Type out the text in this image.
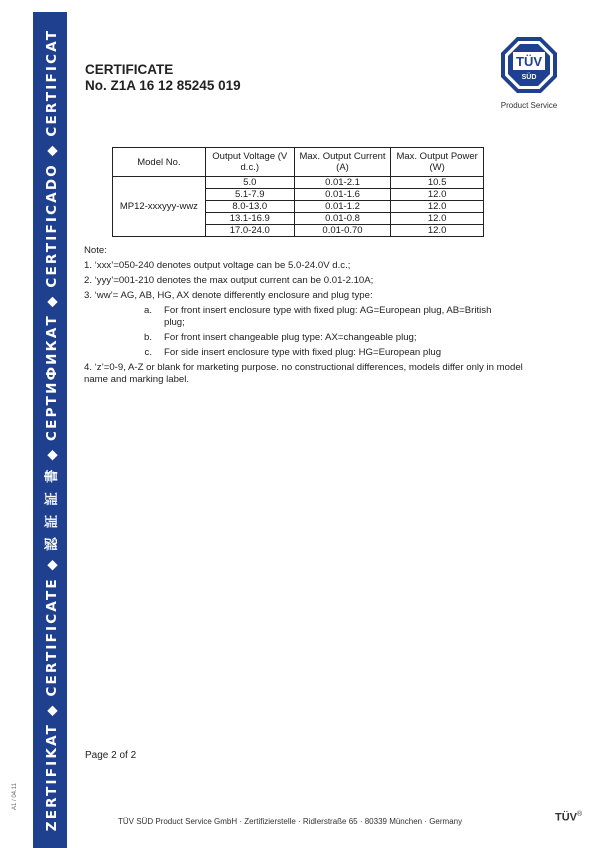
ZERTIFIKAT ◆ CERTIFICATE ◆ 認 証 証 書 ◆ СЕРТИФИКАТ ◆ CERTIFICADO ◆ CERTIFICAT
A1 / 04.11
CERTIFICATE
No. Z1A 16 12 85245 019
TÜV
SÜD
Product Service
Model No.	Output Voltage (V d.c.)	Max. Output Current (A)	Max. Output Power (W)
MP12-xxxyyy-wwz	5.0	0.01-2.1	10.5
	5.1-7.9	0.01-1.6	12.0
	8.0-13.0	0.01-1.2	12.0
	13.1-16.9	0.01-0.8	12.0
	17.0-24.0	0.01-0.70	12.0

Note:

1. ‘xxx’=050-240 denotes output voltage can be 5.0-24.0V d.c.;

2. ‘yyy’=001-210 denotes the max output current can be 0.01-2.10A;

3. ‘ww’= AG, AB, HG, AX denote differently enclosure and plug type:

a.	For front insert enclosure type with fixed plug: AG=European plug, AB=British plug;
b.	For front insert changeable plug type: AX=changeable plug;
c.	For side insert enclosure type with fixed plug: HG=European plug

4. ‘z’=0-9, A-Z or blank for marketing purpose. no constructional differences, models differ only in model name and marking label.

Page 2 of 2
TÜV SÜD Product Service GmbH · Zertifizierstelle · Ridlerstraße 65 · 80339 München · Germany	TÜV®
